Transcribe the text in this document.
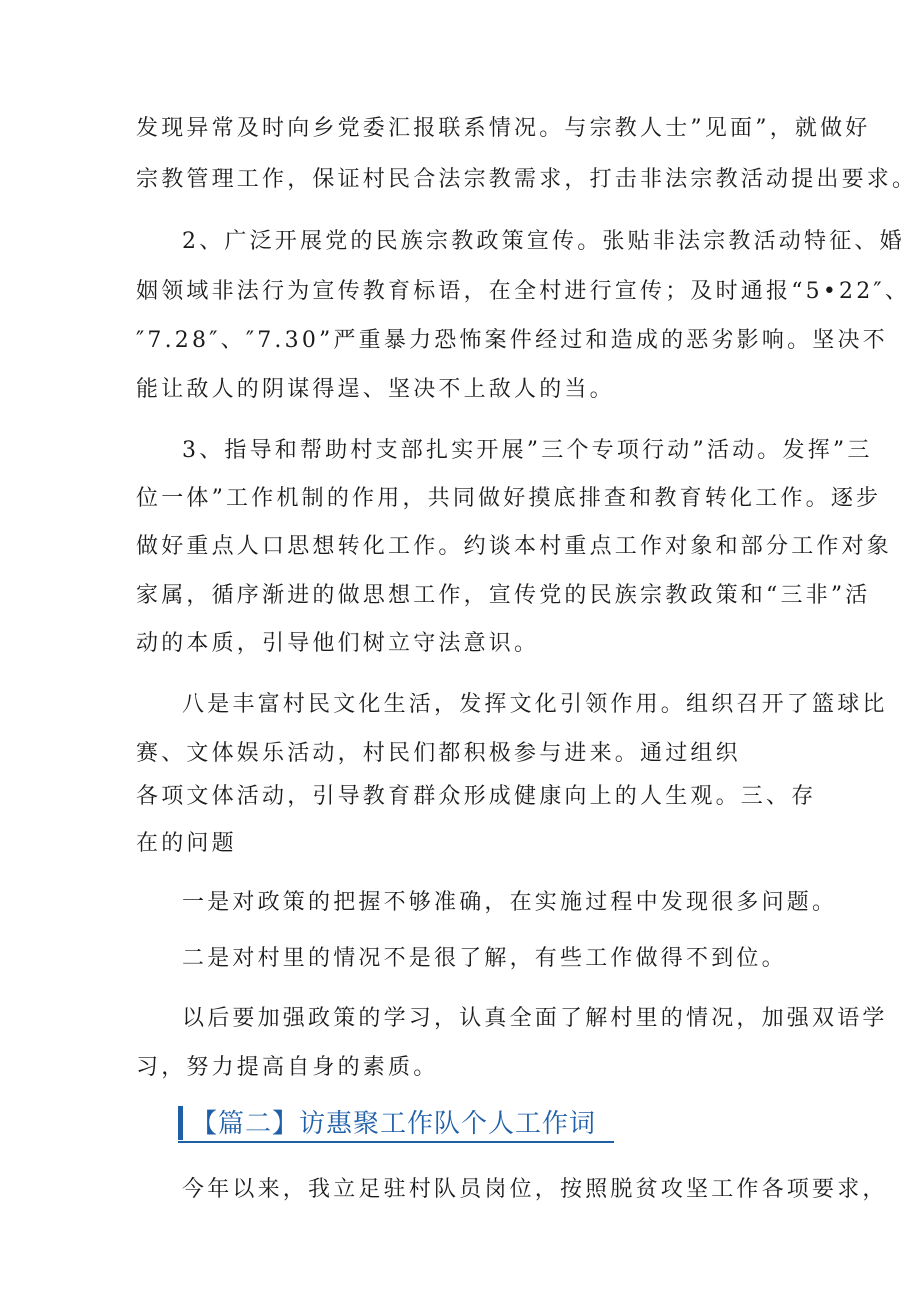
发现异常及时向乡党委汇报联系情况。与宗教人士”见面”，就做好
宗教管理工作，保证村民合法宗教需求，打击非法宗教活动提出要求。
2、广泛开展党的民族宗教政策宣传。张贴非法宗教活动特征、婚
姻领域非法行为宣传教育标语，在全村进行宣传；及时通报“5•22″、
″7.28″、″7.30”严重暴力恐怖案件经过和造成的恶劣影响。坚决不
能让敌人的阴谋得逞、坚决不上敌人的当。
3、指导和帮助村支部扎实开展”三个专项行动”活动。发挥”三
位一体”工作机制的作用，共同做好摸底排查和教育转化工作。逐步
做好重点人口思想转化工作。约谈本村重点工作对象和部分工作对象
家属，循序渐进的做思想工作，宣传党的民族宗教政策和“三非”活
动的本质，引导他们树立守法意识。
八是丰富村民文化生活，发挥文化引领作用。组织召开了篮球比
赛、文体娱乐活动，村民们都积极参与进来。通过组织
各项文体活动，引导教育群众形成健康向上的人生观。三、存
在的问题
一是对政策的把握不够准确，在实施过程中发现很多问题。
二是对村里的情况不是很了解，有些工作做得不到位。
以后要加强政策的学习，认真全面了解村里的情况，加强双语学
习，努力提高自身的素质。
【篇二】访惠聚工作队个人工作词
今年以来，我立足驻村队员岗位，按照脱贫攻坚工作各项要求，
